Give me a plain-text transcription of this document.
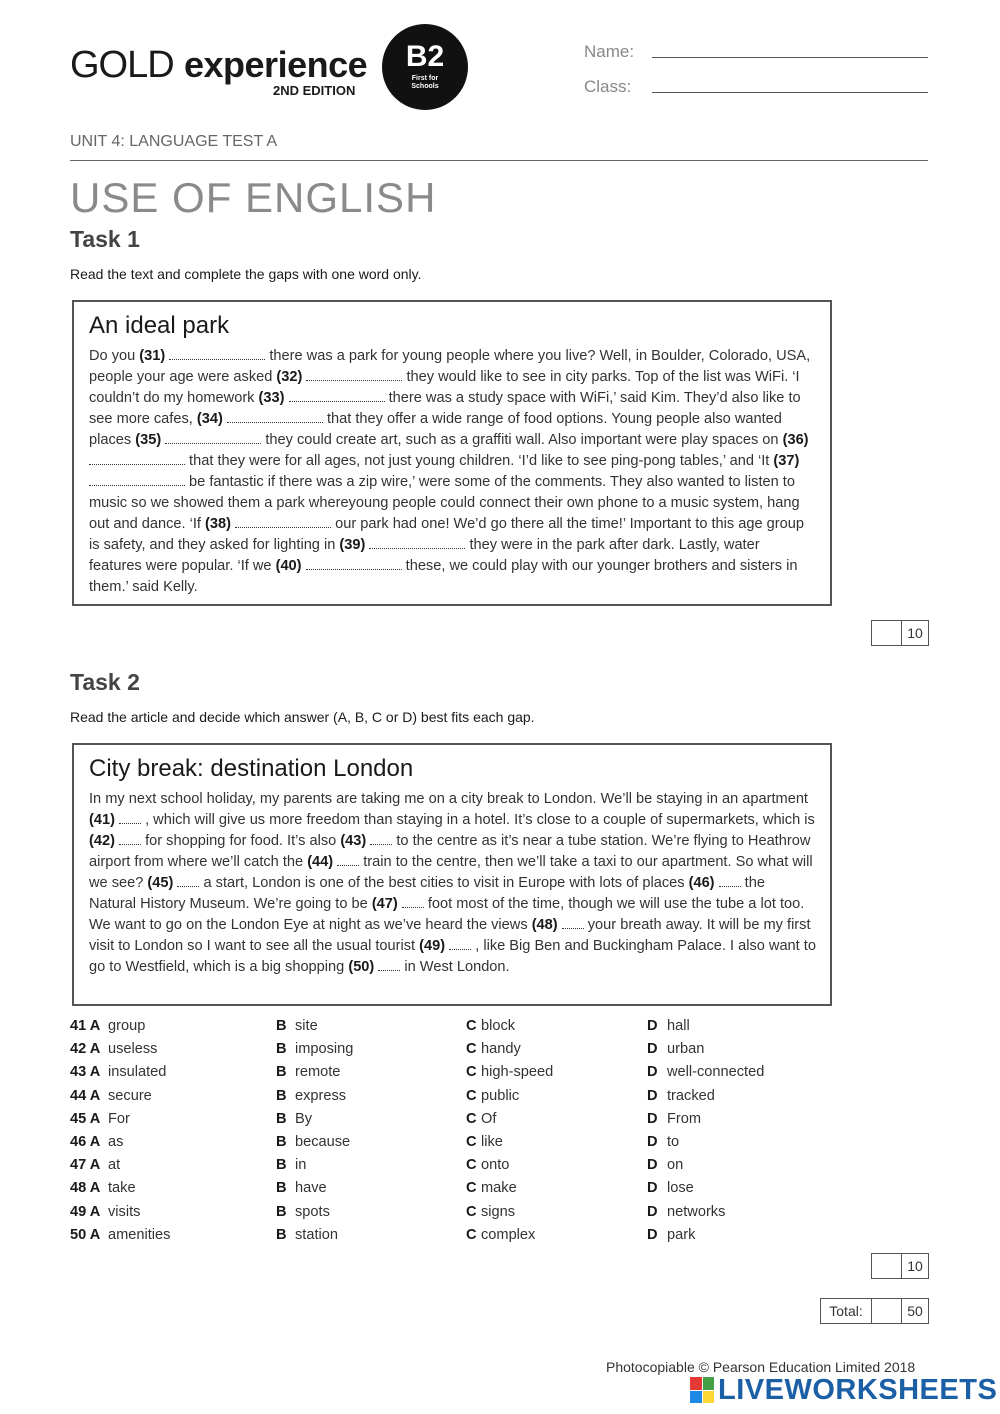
GOLD experience
2ND EDITION
B2
First for
Schools
Name:
Class:
UNIT 4: LANGUAGE TEST A
USE OF ENGLISH
Task 1
Read the text and complete the gaps with one word only.
An ideal park

Do you (31)	there was a park for young people where you live? Well, in Boulder, Colorado, USA, people your age were asked (32)	they would like to see in city parks. Top of the list was WiFi. ‘I couldn’t do my homework (33)	there was a study space with WiFi,’ said Kim. They’d also like to see more cafes, (34)	that they offer a wide range of food options. Young people also wanted places (35)	they could create art, such as a graffiti wall. Also important were play spaces on (36)  that they were for all ages, not just young children. ‘I’d like to see ping-pong tables,’ and ‘It (37)  be fantastic if there was a zip wire,’ were some of the comments. They also wanted to listen to music so we showed them a park whereyoung people could connect their own phone to a music system, hang out and dance. ‘If (38)	our park had one! We’d go there all the time!’ Important to this age group is safety, and they asked for lighting in (39)	they were in the park after dark. Lastly, water features were popular. ‘If we (40)	these, we could play with our younger brothers and sisters in them.’ said Kelly.

10
Task 2
Read the article and decide which answer (A, B, C or D) best fits each gap.
City break: destination London

In my next school holiday, my parents are taking me on a city break to London. We’ll be staying in an apartment (41)  , which will give us more freedom than staying in a hotel. It’s close to a couple of supermarkets, which is (42)  for shopping for food. It’s also (43)  to the centre as it’s near a tube station. We’re flying to Heathrow airport from where we’ll catch the (44)  train to the centre, then we’ll take a taxi to our apartment. So what will we see? (45)  a start, London is one of the best cities to visit in Europe with lots of places (46)  the Natural History Museum. We’re going to be (47)  foot most of the time, though we will use the tube a lot too. We want to go on the London Eye at night as we’ve heard the views (48)  your breath away. It will be my first visit to London so I want to see all the usual tourist (49)  , like Big Ben and Buckingham Palace. I also want to go to Westfield, which is a big shopping (50)  in West London.

41 A group	B site	C block	D hall
42 A useless	B imposing	C handy	D urban
43 A insulated	B remote	C high-speed	D well-connected
44 A secure	B express	C public	D tracked
45 A For	B By	C Of	D From
46 A as	B because	C like	D to
47 A at	B in	C onto	D on
48 A take	B have	C make	D lose
49 A visits	B spots	C signs	D networks
50 A amenities	B station	C complex	D park
10
Total:	50
Photocopiable © Pearson Education Limited 2018
LIVEWORKSHEETS
